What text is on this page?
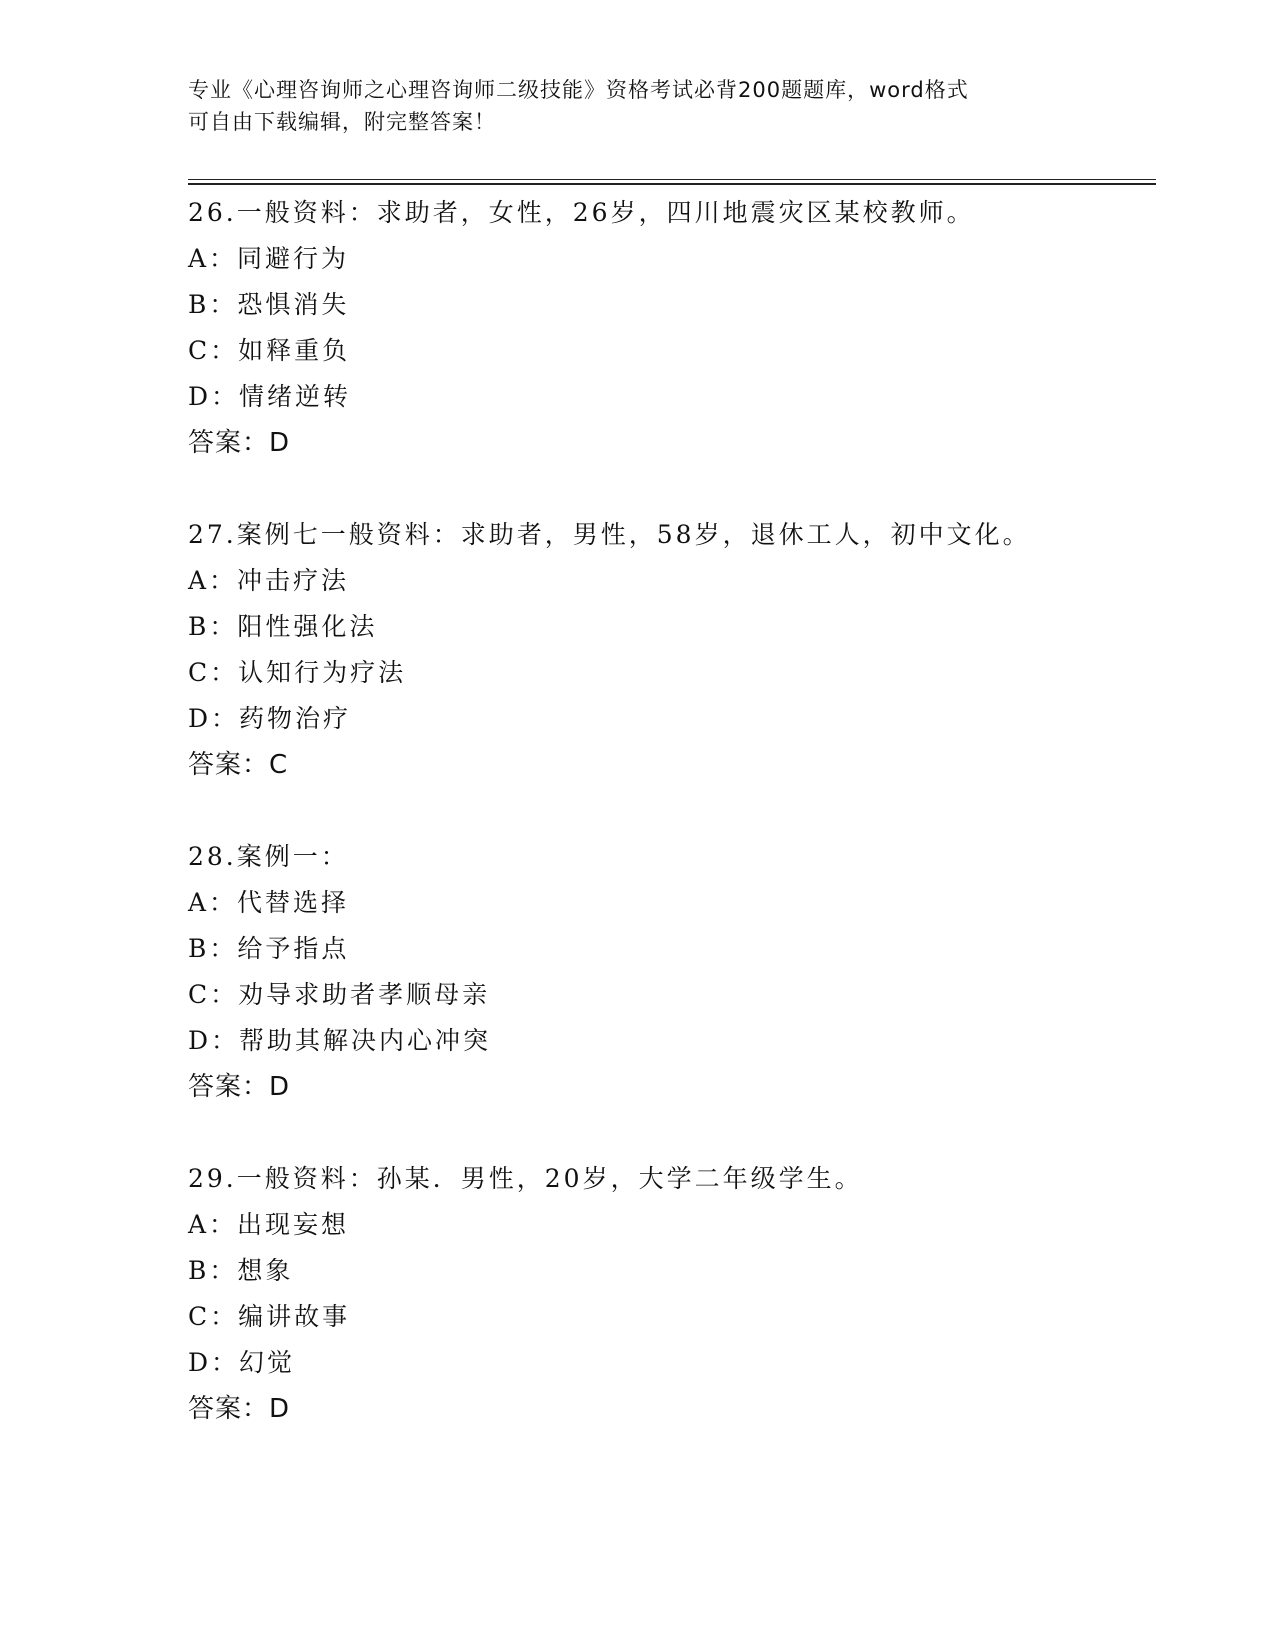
专业《心理咨询师之心理咨询师二级技能》资格考试必背200题题库，word格式
可自由下载编辑，附完整答案！
26.一般资料：求助者，女性，26岁，四川地震灾区某校教师。
A：同避行为
B：恐惧消失
C：如释重负
D：情绪逆转
答案：D
27.案例七一般资料：求助者，男性，58岁，退休工人，初中文化。
A：冲击疗法
B：阳性强化法
C：认知行为疗法
D：药物治疗
答案：C
28.案例一：
A：代替选择
B：给予指点
C：劝导求助者孝顺母亲
D：帮助其解决内心冲突
答案：D
29.一般资料：孙某．男性，20岁，大学二年级学生。
A：出现妄想
B：想象
C：编讲故事
D：幻觉
答案：D
